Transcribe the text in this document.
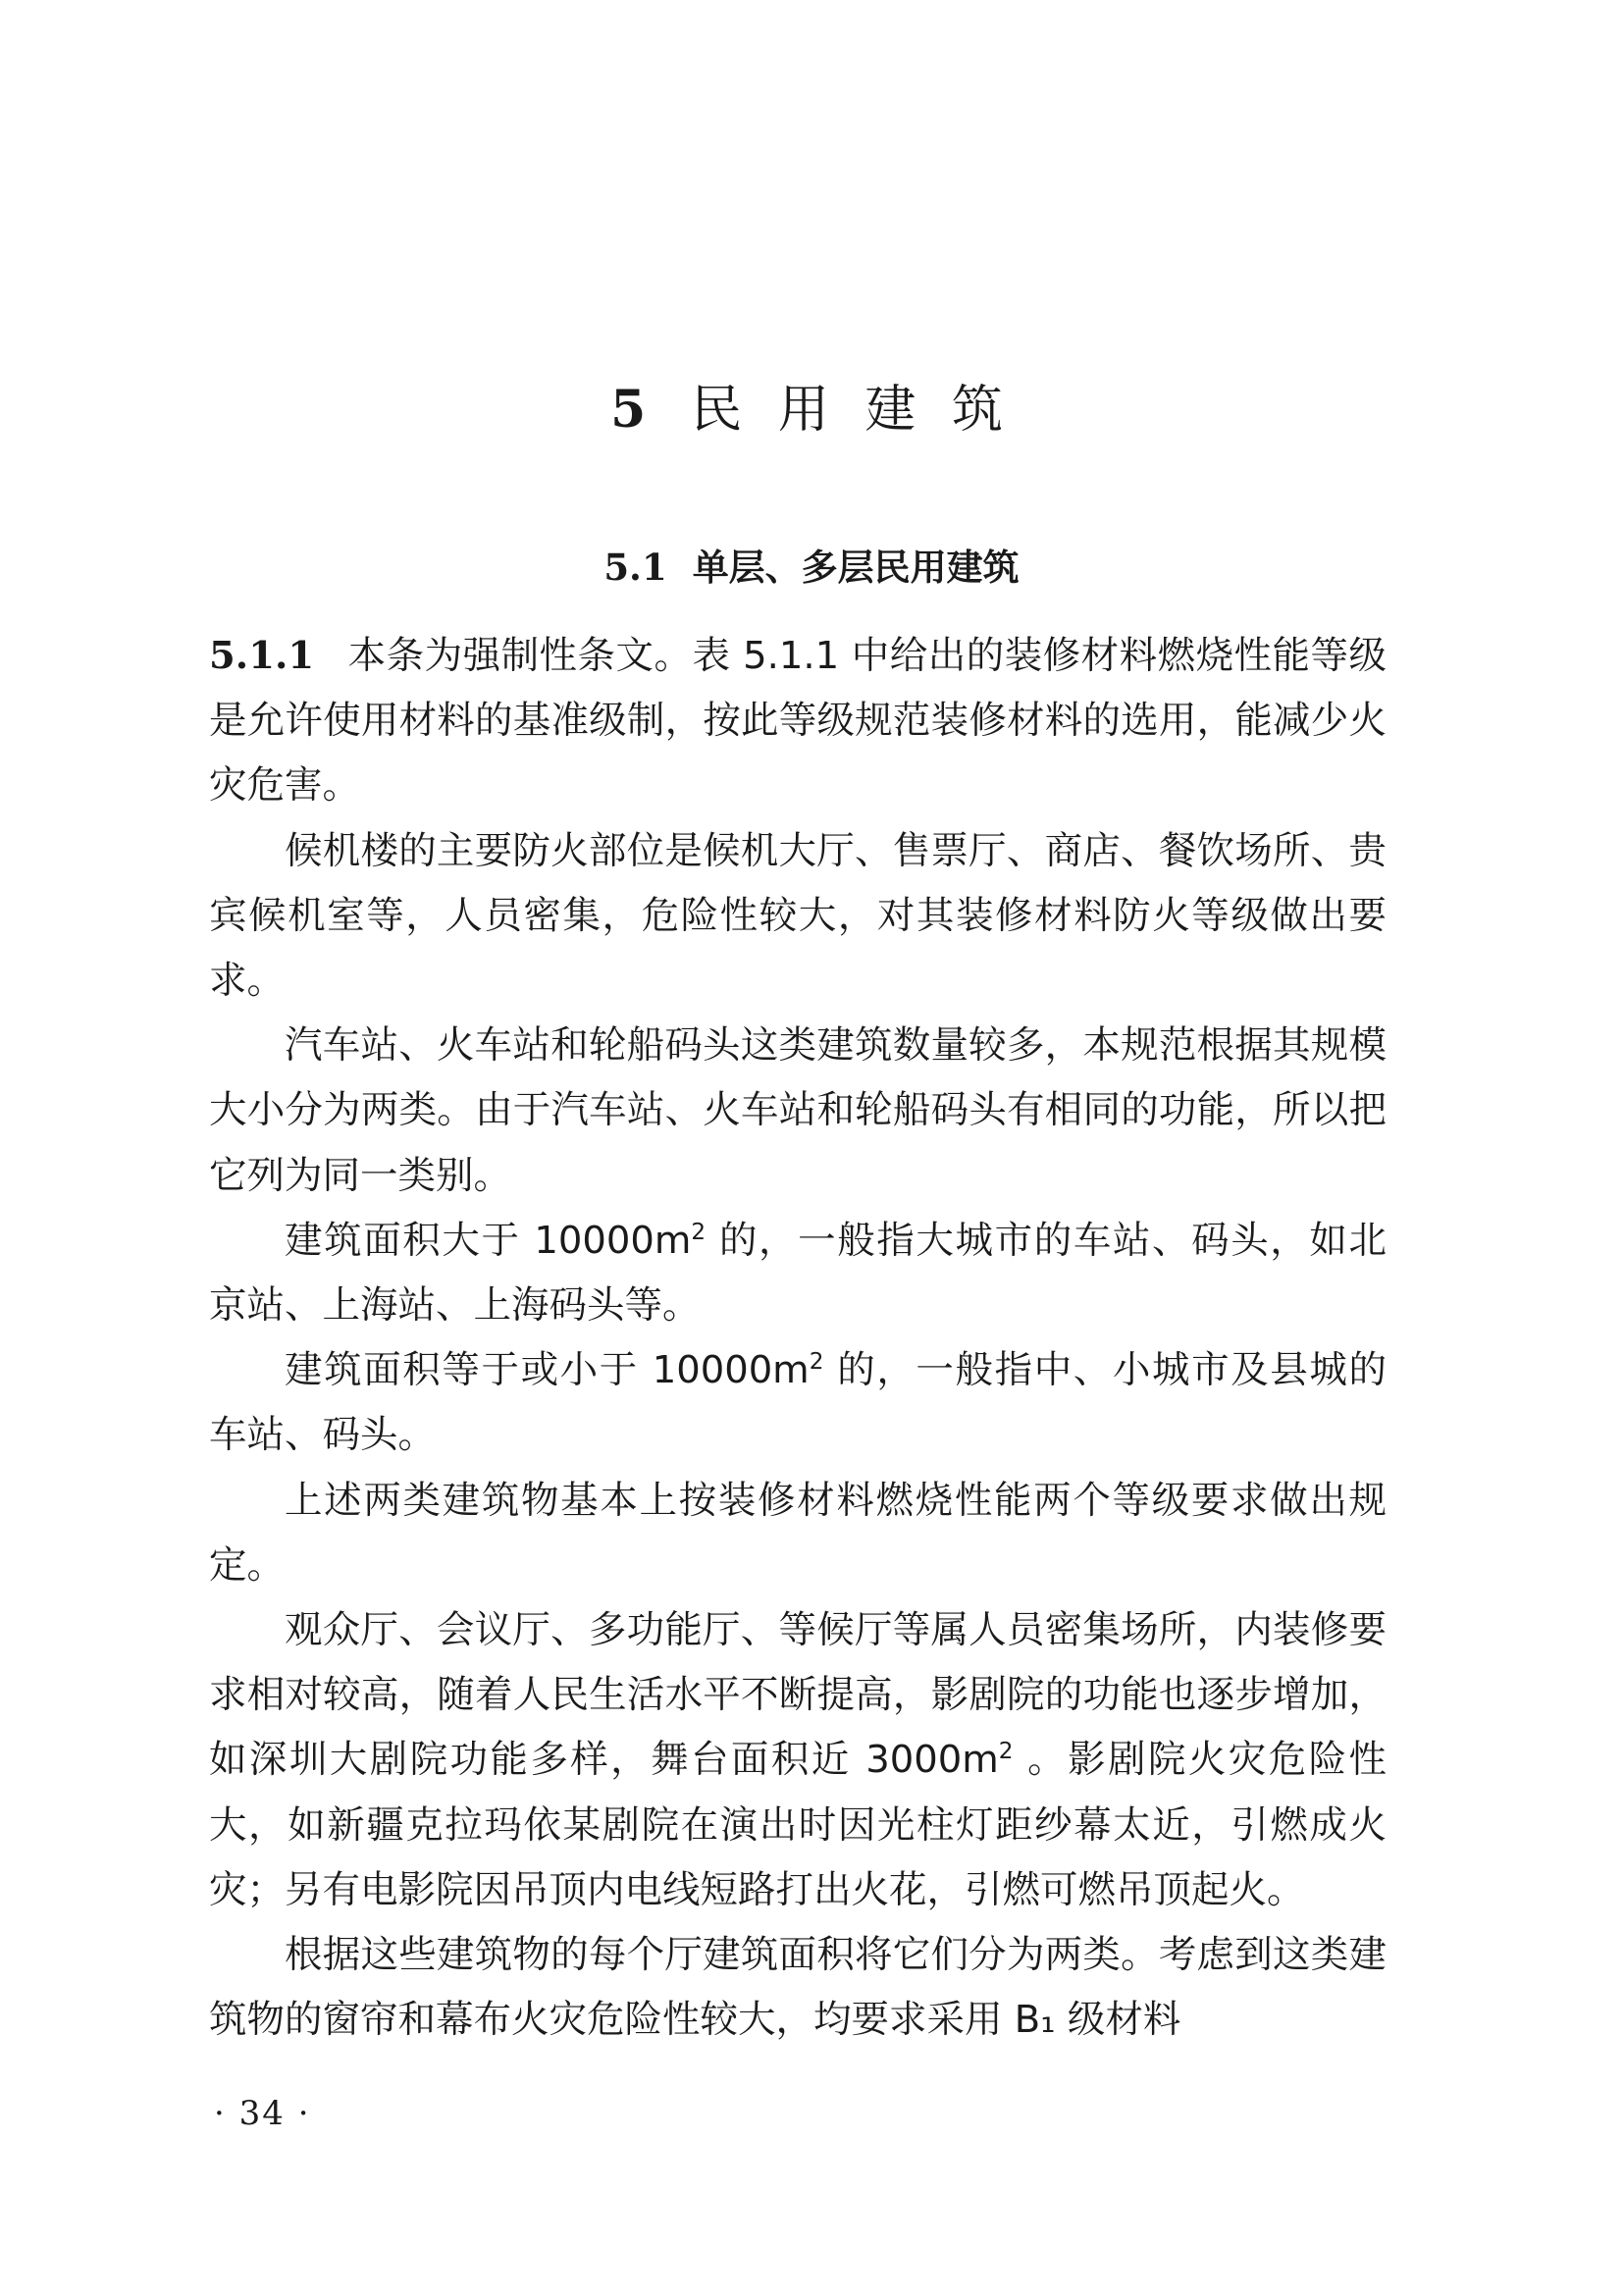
5 民 用 建 筑
5.1 单层、多层民用建筑

5.1.1 本条为强制性条文。表 5.1.1 中给出的装修材料燃烧性能等级是允许使用材料的基准级制，按此等级规范装修材料的选用，能减少火灾危害。

候机楼的主要防火部位是候机大厅、售票厅、商店、餐饮场所、贵宾候机室等，人员密集，危险性较大，对其装修材料防火等级做出要求。

汽车站、火车站和轮船码头这类建筑数量较多，本规范根据其规模大小分为两类。由于汽车站、火车站和轮船码头有相同的功能，所以把它列为同一类别。

建筑面积大于 $10000m^2$ 的，一般指大城市的车站、码头，如北京站、上海站、上海码头等。

建筑面积等于或小于 $10000m^2$ 的，一般指中、小城市及县城的车站、码头。

上述两类建筑物基本上按装修材料燃烧性能两个等级要求做出规定。

观众厅、会议厅、多功能厅、等候厅等属人员密集场所，内装修要求相对较高，随着人民生活水平不断提高，影剧院的功能也逐步增加，如深圳大剧院功能多样，舞台面积近 $3000m^2$ 。影剧院火灾危险性大，如新疆克拉玛依某剧院在演出时因光柱灯距纱幕太近，引燃成火灾；另有电影院因吊顶内电线短路打出火花，引燃可燃吊顶起火。

根据这些建筑物的每个厅建筑面积将它们分为两类。考虑到这类建筑物的窗帘和幕布火灾危险性较大，均要求采用 B₁ 级材料

· 34 ·
